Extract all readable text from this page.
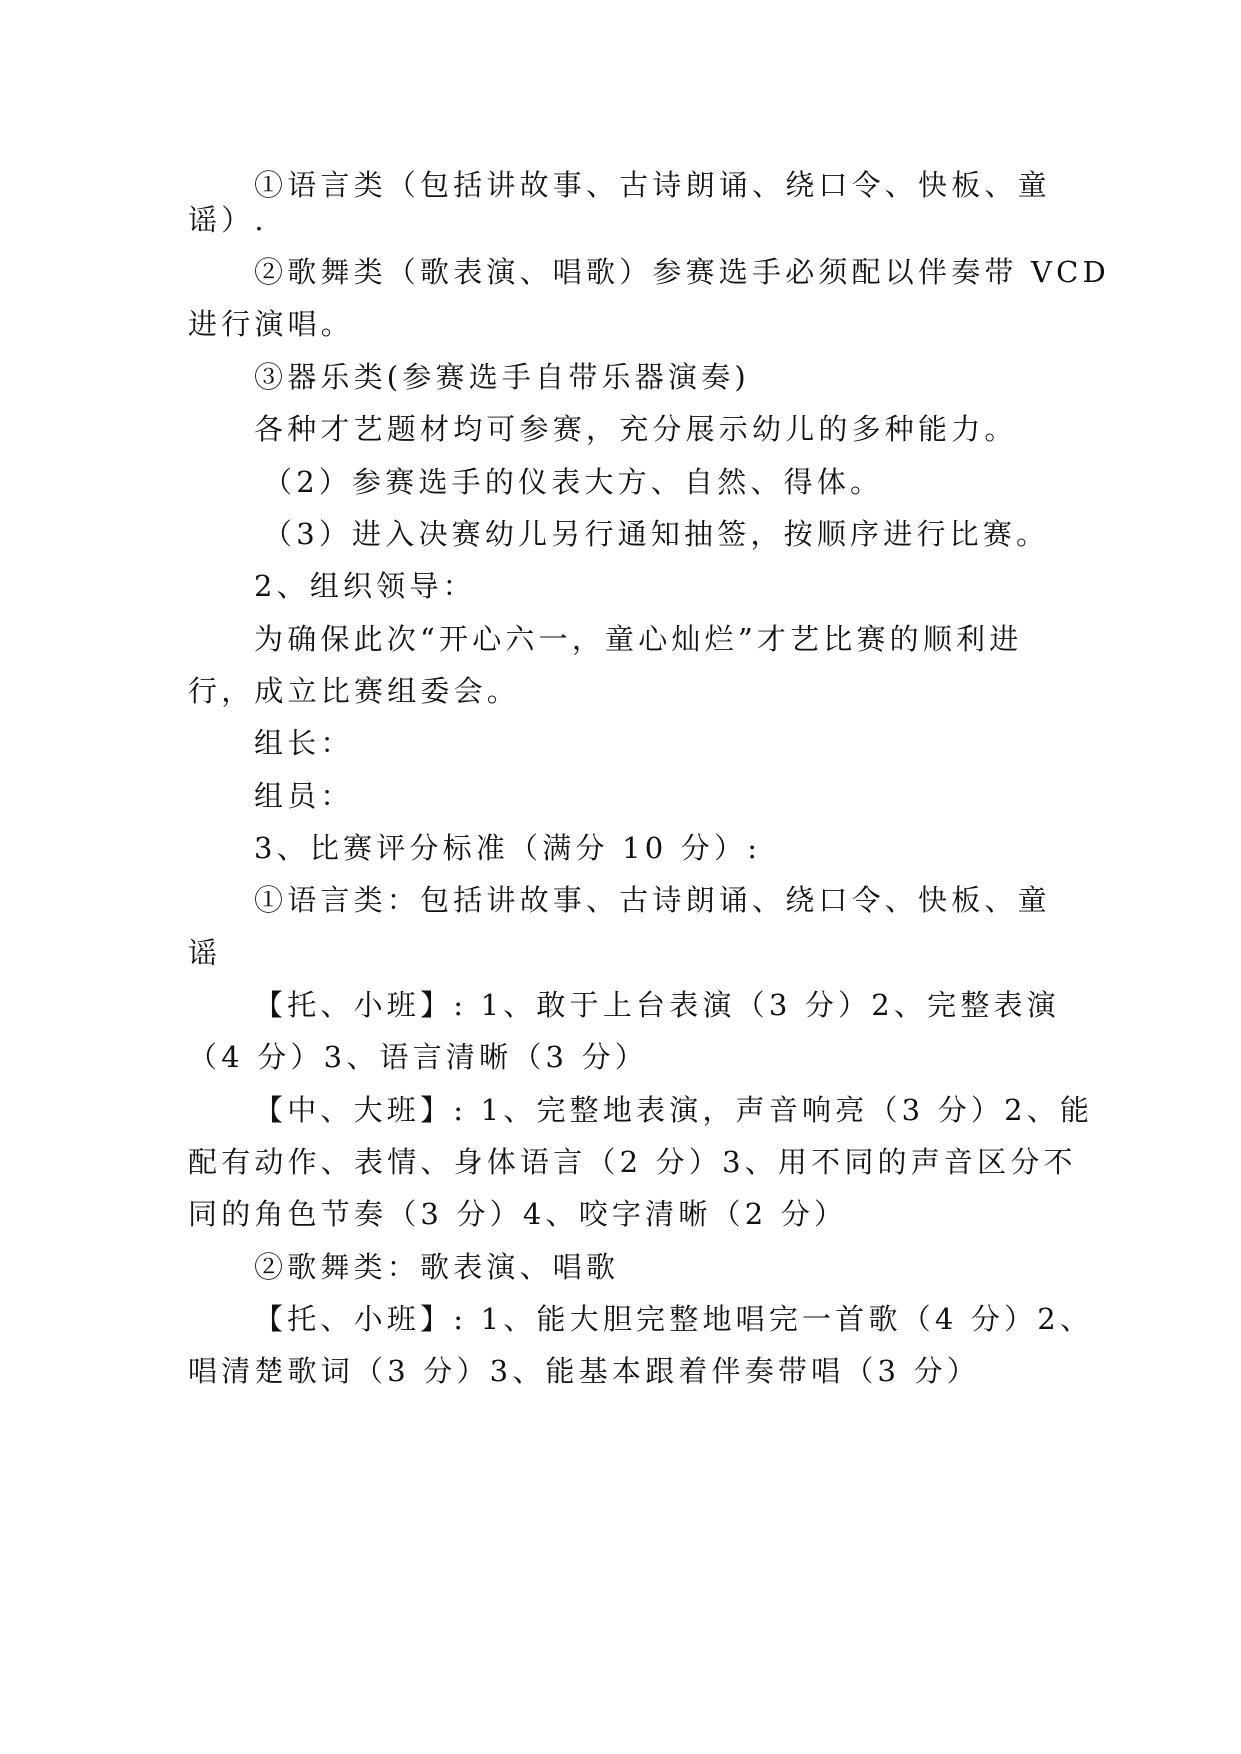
①语言类（包括讲故事、古诗朗诵、绕口令、快板、童
谣）.
②歌舞类（歌表演、唱歌）参赛选手必须配以伴奏带 VCD
进行演唱。
③器乐类(参赛选手自带乐器演奏)
各种才艺题材均可参赛，充分展示幼儿的多种能力。
（2）参赛选手的仪表大方、自然、得体。
（3）进入决赛幼儿另行通知抽签，按顺序进行比赛。
2、组织领导：
为确保此次“开心六一，童心灿烂”才艺比赛的顺利进
行，成立比赛组委会。
组长：
组员：
3、比赛评分标准（满分 10 分）:
①语言类：包括讲故事、古诗朗诵、绕口令、快板、童
谣
【托、小班】: 1、敢于上台表演（3 分）2、完整表演
（4 分）3、语言清晰（3 分）
【中、大班】: 1、完整地表演，声音响亮（3 分）2、能
配有动作、表情、身体语言（2 分）3、用不同的声音区分不
同的角色节奏（3 分）4、咬字清晰（2 分）
②歌舞类：歌表演、唱歌
【托、小班】: 1、能大胆完整地唱完一首歌（4 分）2、
唱清楚歌词（3 分）3、能基本跟着伴奏带唱（3 分）
